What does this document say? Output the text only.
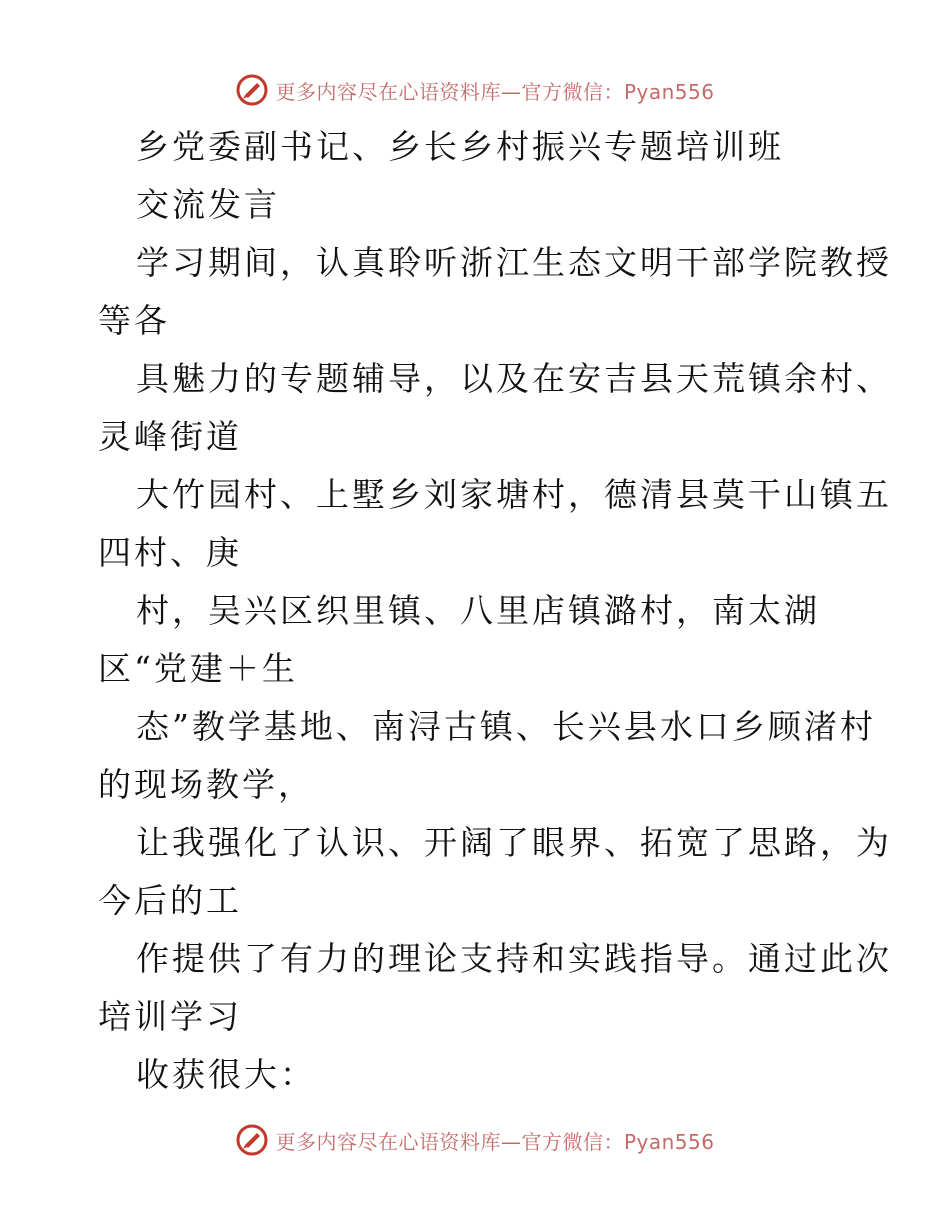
更多内容尽在心语资料库—官方微信：Pyan556
乡党委副书记、乡长乡村振兴专题培训班
交流发言
学习期间，认真聆听浙江生态文明干部学院教授
等各
具魅力的专题辅导，以及在安吉县天荒镇余村、
灵峰街道
大竹园村、上墅乡刘家塘村，德清县莫干山镇五
四村、庚
村，吴兴区织里镇、八里店镇潞村，南太湖
区“党建＋生
态”教学基地、南浔古镇、长兴县水口乡顾渚村
的现场教学，
让我强化了认识、开阔了眼界、拓宽了思路，为
今后的工
作提供了有力的理论支持和实践指导。通过此次
培训学习
收获很大：
更多内容尽在心语资料库—官方微信：Pyan556
